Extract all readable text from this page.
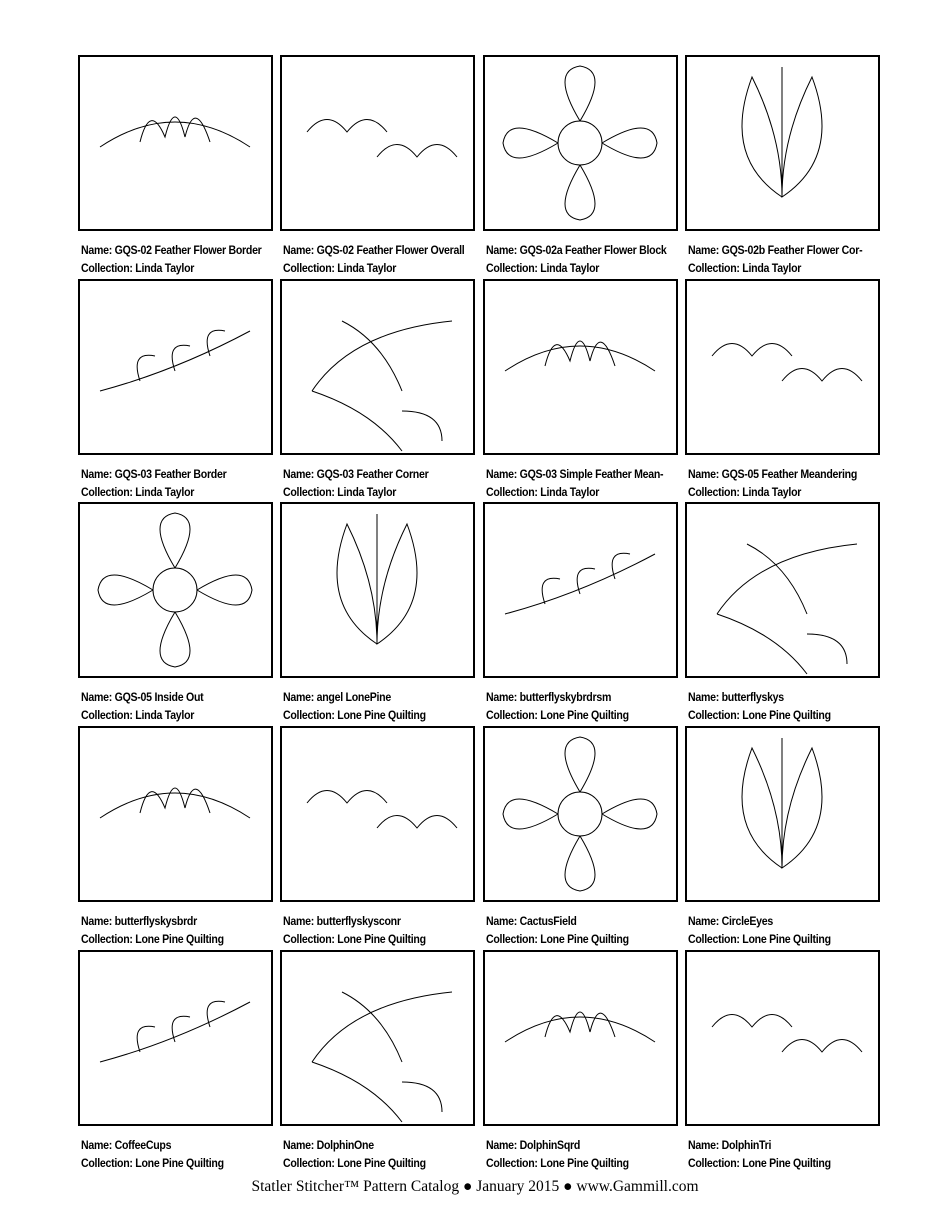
Name: GQS-02 Feather Flower Border
Collection: Linda Taylor
Name: GQS-02 Feather Flower Overall
Collection: Linda Taylor
Name: GQS-02a Feather Flower Block
Collection: Linda Taylor
Name: GQS-02b Feather Flower Cor-
Collection: Linda Taylor
Name: GQS-03 Feather Border
Collection: Linda Taylor
Name: GQS-03 Feather Corner
Collection: Linda Taylor
Name: GQS-03 Simple Feather Mean-
Collection: Linda Taylor
Name: GQS-05 Feather Meandering
Collection: Linda Taylor
Name: GQS-05 Inside Out
Collection: Linda Taylor
Name: angel LonePine
Collection: Lone Pine Quilting
Name: butterflyskybrdrsm
Collection: Lone Pine Quilting
Name: butterflyskys
Collection: Lone Pine Quilting
Name: butterflyskysbrdr
Collection: Lone Pine Quilting
Name: butterflyskysconr
Collection: Lone Pine Quilting
Name: CactusField
Collection: Lone Pine Quilting
Name: CircleEyes
Collection: Lone Pine Quilting
Name: CoffeeCups
Collection: Lone Pine Quilting
Name: DolphinOne
Collection: Lone Pine Quilting
Name: DolphinSqrd
Collection: Lone Pine Quilting
Name: DolphinTri
Collection: Lone Pine Quilting
Statler Stitcher™ Pattern Catalog ● January 2015 ● www.Gammill.com
